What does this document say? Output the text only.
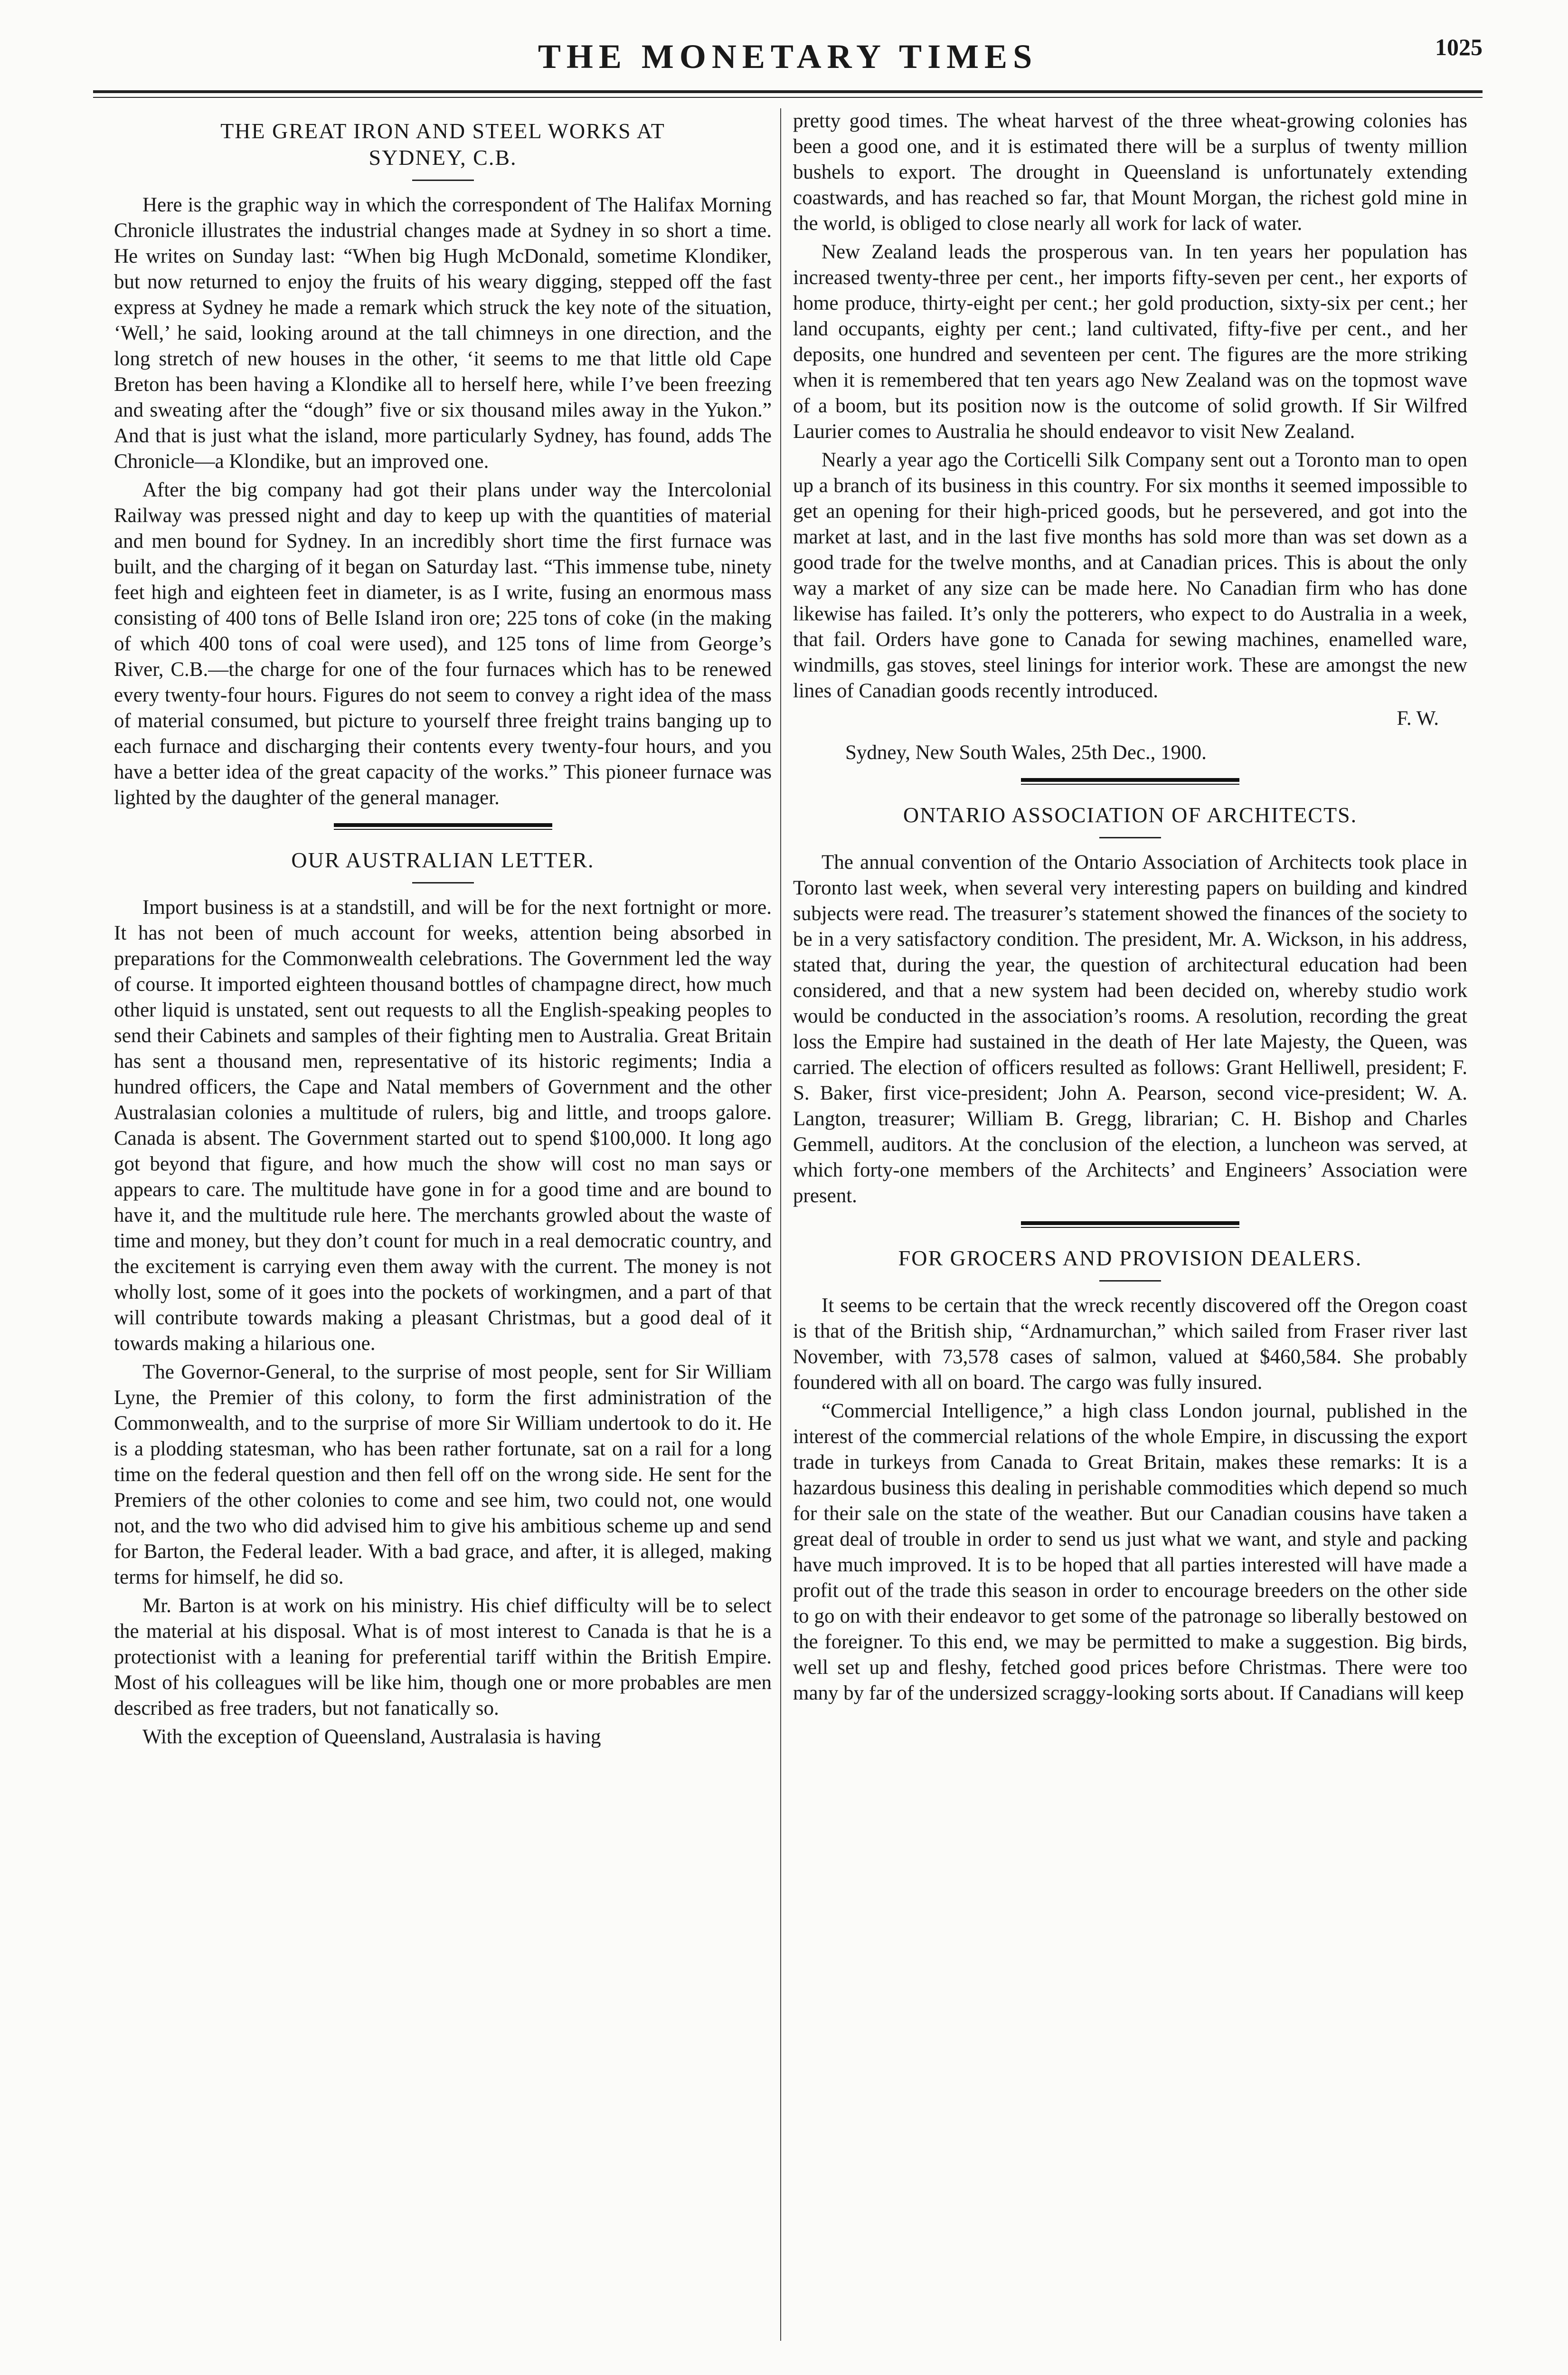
THE MONETARY TIMES	1025
THE GREAT IRON AND STEEL WORKS AT
SYDNEY, C.B.

Here is the graphic way in which the correspondent of The Halifax Morning Chronicle illustrates the industrial changes made at Sydney in so short a time. He writes on Sunday last: “When big Hugh McDonald, sometime Klondiker, but now returned to enjoy the fruits of his weary digging, stepped off the fast express at Sydney he made a remark which struck the key note of the situation, ‘Well,’ he said, looking around at the tall chimneys in one direction, and the long stretch of new houses in the other, ‘it seems to me that little old Cape Breton has been having a Klondike all to herself here, while I’ve been freezing and sweating after the “dough” five or six thousand miles away in the Yukon.” And that is just what the island, more particularly Sydney, has found, adds The Chronicle—a Klondike, but an improved one.

After the big company had got their plans under way the Intercolonial Railway was pressed night and day to keep up with the quantities of material and men bound for Sydney. In an incredibly short time the first furnace was built, and the charging of it began on Saturday last. “This immense tube, ninety feet high and eighteen feet in diameter, is as I write, fusing an enormous mass consisting of 400 tons of Belle Island iron ore; 225 tons of coke (in the making of which 400 tons of coal were used), and 125 tons of lime from George’s River, C.B.—the charge for one of the four furnaces which has to be renewed every twenty-four hours. Figures do not seem to convey a right idea of the mass of material consumed, but picture to yourself three freight trains banging up to each furnace and discharging their contents every twenty-four hours, and you have a better idea of the great capacity of the works.” This pioneer furnace was lighted by the daughter of the general manager.

OUR AUSTRALIAN LETTER.

Import business is at a standstill, and will be for the next fortnight or more. It has not been of much account for weeks, attention being absorbed in preparations for the Commonwealth celebrations. The Government led the way of course. It imported eighteen thousand bottles of champagne direct, how much other liquid is unstated, sent out requests to all the English-speaking peoples to send their Cabinets and samples of their fighting men to Australia. Great Britain has sent a thousand men, representative of its historic regiments; India a hundred officers, the Cape and Natal members of Government and the other Australasian colonies a multitude of rulers, big and little, and troops galore. Canada is absent. The Government started out to spend $100,000. It long ago got beyond that figure, and how much the show will cost no man says or appears to care. The multitude have gone in for a good time and are bound to have it, and the multitude rule here. The merchants growled about the waste of time and money, but they don’t count for much in a real democratic country, and the excitement is carrying even them away with the current. The money is not wholly lost, some of it goes into the pockets of workingmen, and a part of that will contribute towards making a pleasant Christmas, but a good deal of it towards making a hilarious one.

The Governor-General, to the surprise of most people, sent for Sir William Lyne, the Premier of this colony, to form the first administration of the Commonwealth, and to the surprise of more Sir William undertook to do it. He is a plodding statesman, who has been rather fortunate, sat on a rail for a long time on the federal question and then fell off on the wrong side. He sent for the Premiers of the other colonies to come and see him, two could not, one would not, and the two who did advised him to give his ambitious scheme up and send for Barton, the Federal leader. With a bad grace, and after, it is alleged, making terms for himself, he did so.

Mr. Barton is at work on his ministry. His chief difficulty will be to select the material at his disposal. What is of most interest to Canada is that he is a protectionist with a leaning for preferential tariff within the British Empire. Most of his colleagues will be like him, though one or more probables are men described as free traders, but not fanatically so.

With the exception of Queensland, Australasia is having

pretty good times. The wheat harvest of the three wheat-growing colonies has been a good one, and it is estimated there will be a surplus of twenty million bushels to export. The drought in Queensland is unfortunately extending coastwards, and has reached so far, that Mount Morgan, the richest gold mine in the world, is obliged to close nearly all work for lack of water.

New Zealand leads the prosperous van. In ten years her population has increased twenty-three per cent., her imports fifty-seven per cent., her exports of home produce, thirty-eight per cent.; her gold production, sixty-six per cent.; her land occupants, eighty per cent.; land cultivated, fifty-five per cent., and her deposits, one hundred and seventeen per cent. The figures are the more striking when it is remembered that ten years ago New Zealand was on the topmost wave of a boom, but its position now is the outcome of solid growth. If Sir Wilfred Laurier comes to Australia he should endeavor to visit New Zealand.

Nearly a year ago the Corticelli Silk Company sent out a Toronto man to open up a branch of its business in this country. For six months it seemed impossible to get an opening for their high-priced goods, but he persevered, and got into the market at last, and in the last five months has sold more than was set down as a good trade for the twelve months, and at Canadian prices. This is about the only way a market of any size can be made here. No Canadian firm who has done likewise has failed. It’s only the potterers, who expect to do Australia in a week, that fail. Orders have gone to Canada for sewing machines, enamelled ware, windmills, gas stoves, steel linings for interior work. These are amongst the new lines of Canadian goods recently introduced.

F. W.

Sydney, New South Wales, 25th Dec., 1900.

ONTARIO ASSOCIATION OF ARCHITECTS.

The annual convention of the Ontario Association of Architects took place in Toronto last week, when several very interesting papers on building and kindred subjects were read. The treasurer’s statement showed the finances of the society to be in a very satisfactory condition. The president, Mr. A. Wickson, in his address, stated that, during the year, the question of architectural education had been considered, and that a new system had been decided on, whereby studio work would be conducted in the association’s rooms. A resolution, recording the great loss the Empire had sustained in the death of Her late Majesty, the Queen, was carried. The election of officers resulted as follows: Grant Helliwell, president; F. S. Baker, first vice-president; John A. Pearson, second vice-president; W. A. Langton, treasurer; William B. Gregg, librarian; C. H. Bishop and Charles Gemmell, auditors. At the conclusion of the election, a luncheon was served, at which forty-one members of the Architects’ and Engineers’ Association were present.

FOR GROCERS AND PROVISION DEALERS.

It seems to be certain that the wreck recently discovered off the Oregon coast is that of the British ship, “Ardnamurchan,” which sailed from Fraser river last November, with 73,578 cases of salmon, valued at $460,584. She probably foundered with all on board. The cargo was fully insured.

“Commercial Intelligence,” a high class London journal, published in the interest of the commercial relations of the whole Empire, in discussing the export trade in turkeys from Canada to Great Britain, makes these remarks: It is a hazardous business this dealing in perishable commodities which depend so much for their sale on the state of the weather. But our Canadian cousins have taken a great deal of trouble in order to send us just what we want, and style and packing have much improved. It is to be hoped that all parties interested will have made a profit out of the trade this season in order to encourage breeders on the other side to go on with their endeavor to get some of the patronage so liberally bestowed on the foreigner. To this end, we may be permitted to make a suggestion. Big birds, well set up and fleshy, fetched good prices before Christmas. There were too many by far of the undersized scraggy-looking sorts about. If Canadians will keep
